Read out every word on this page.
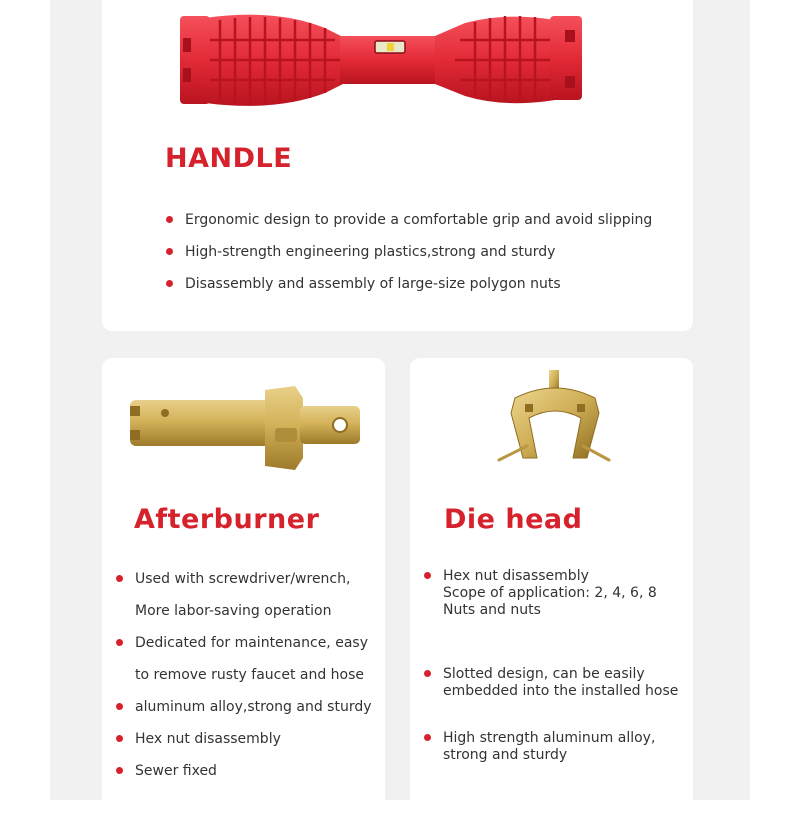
HANDLE
Ergonomic design to provide a comfortable grip and avoid slipping
High-strength engineering plastics,strong and sturdy
Disassembly and assembly of large-size polygon nuts
Afterburner
Used with screwdriver/wrench,
More labor-saving operation
Dedicated for maintenance, easy
to remove rusty faucet and hose
aluminum alloy,strong and sturdy
Hex nut disassembly
Sewer fixed
Die head
Hex nut disassembly
Scope of application: 2, 4, 6, 8
Nuts and nuts
Slotted design, can be easily
embedded into the installed hose
High strength aluminum alloy,
strong and sturdy
